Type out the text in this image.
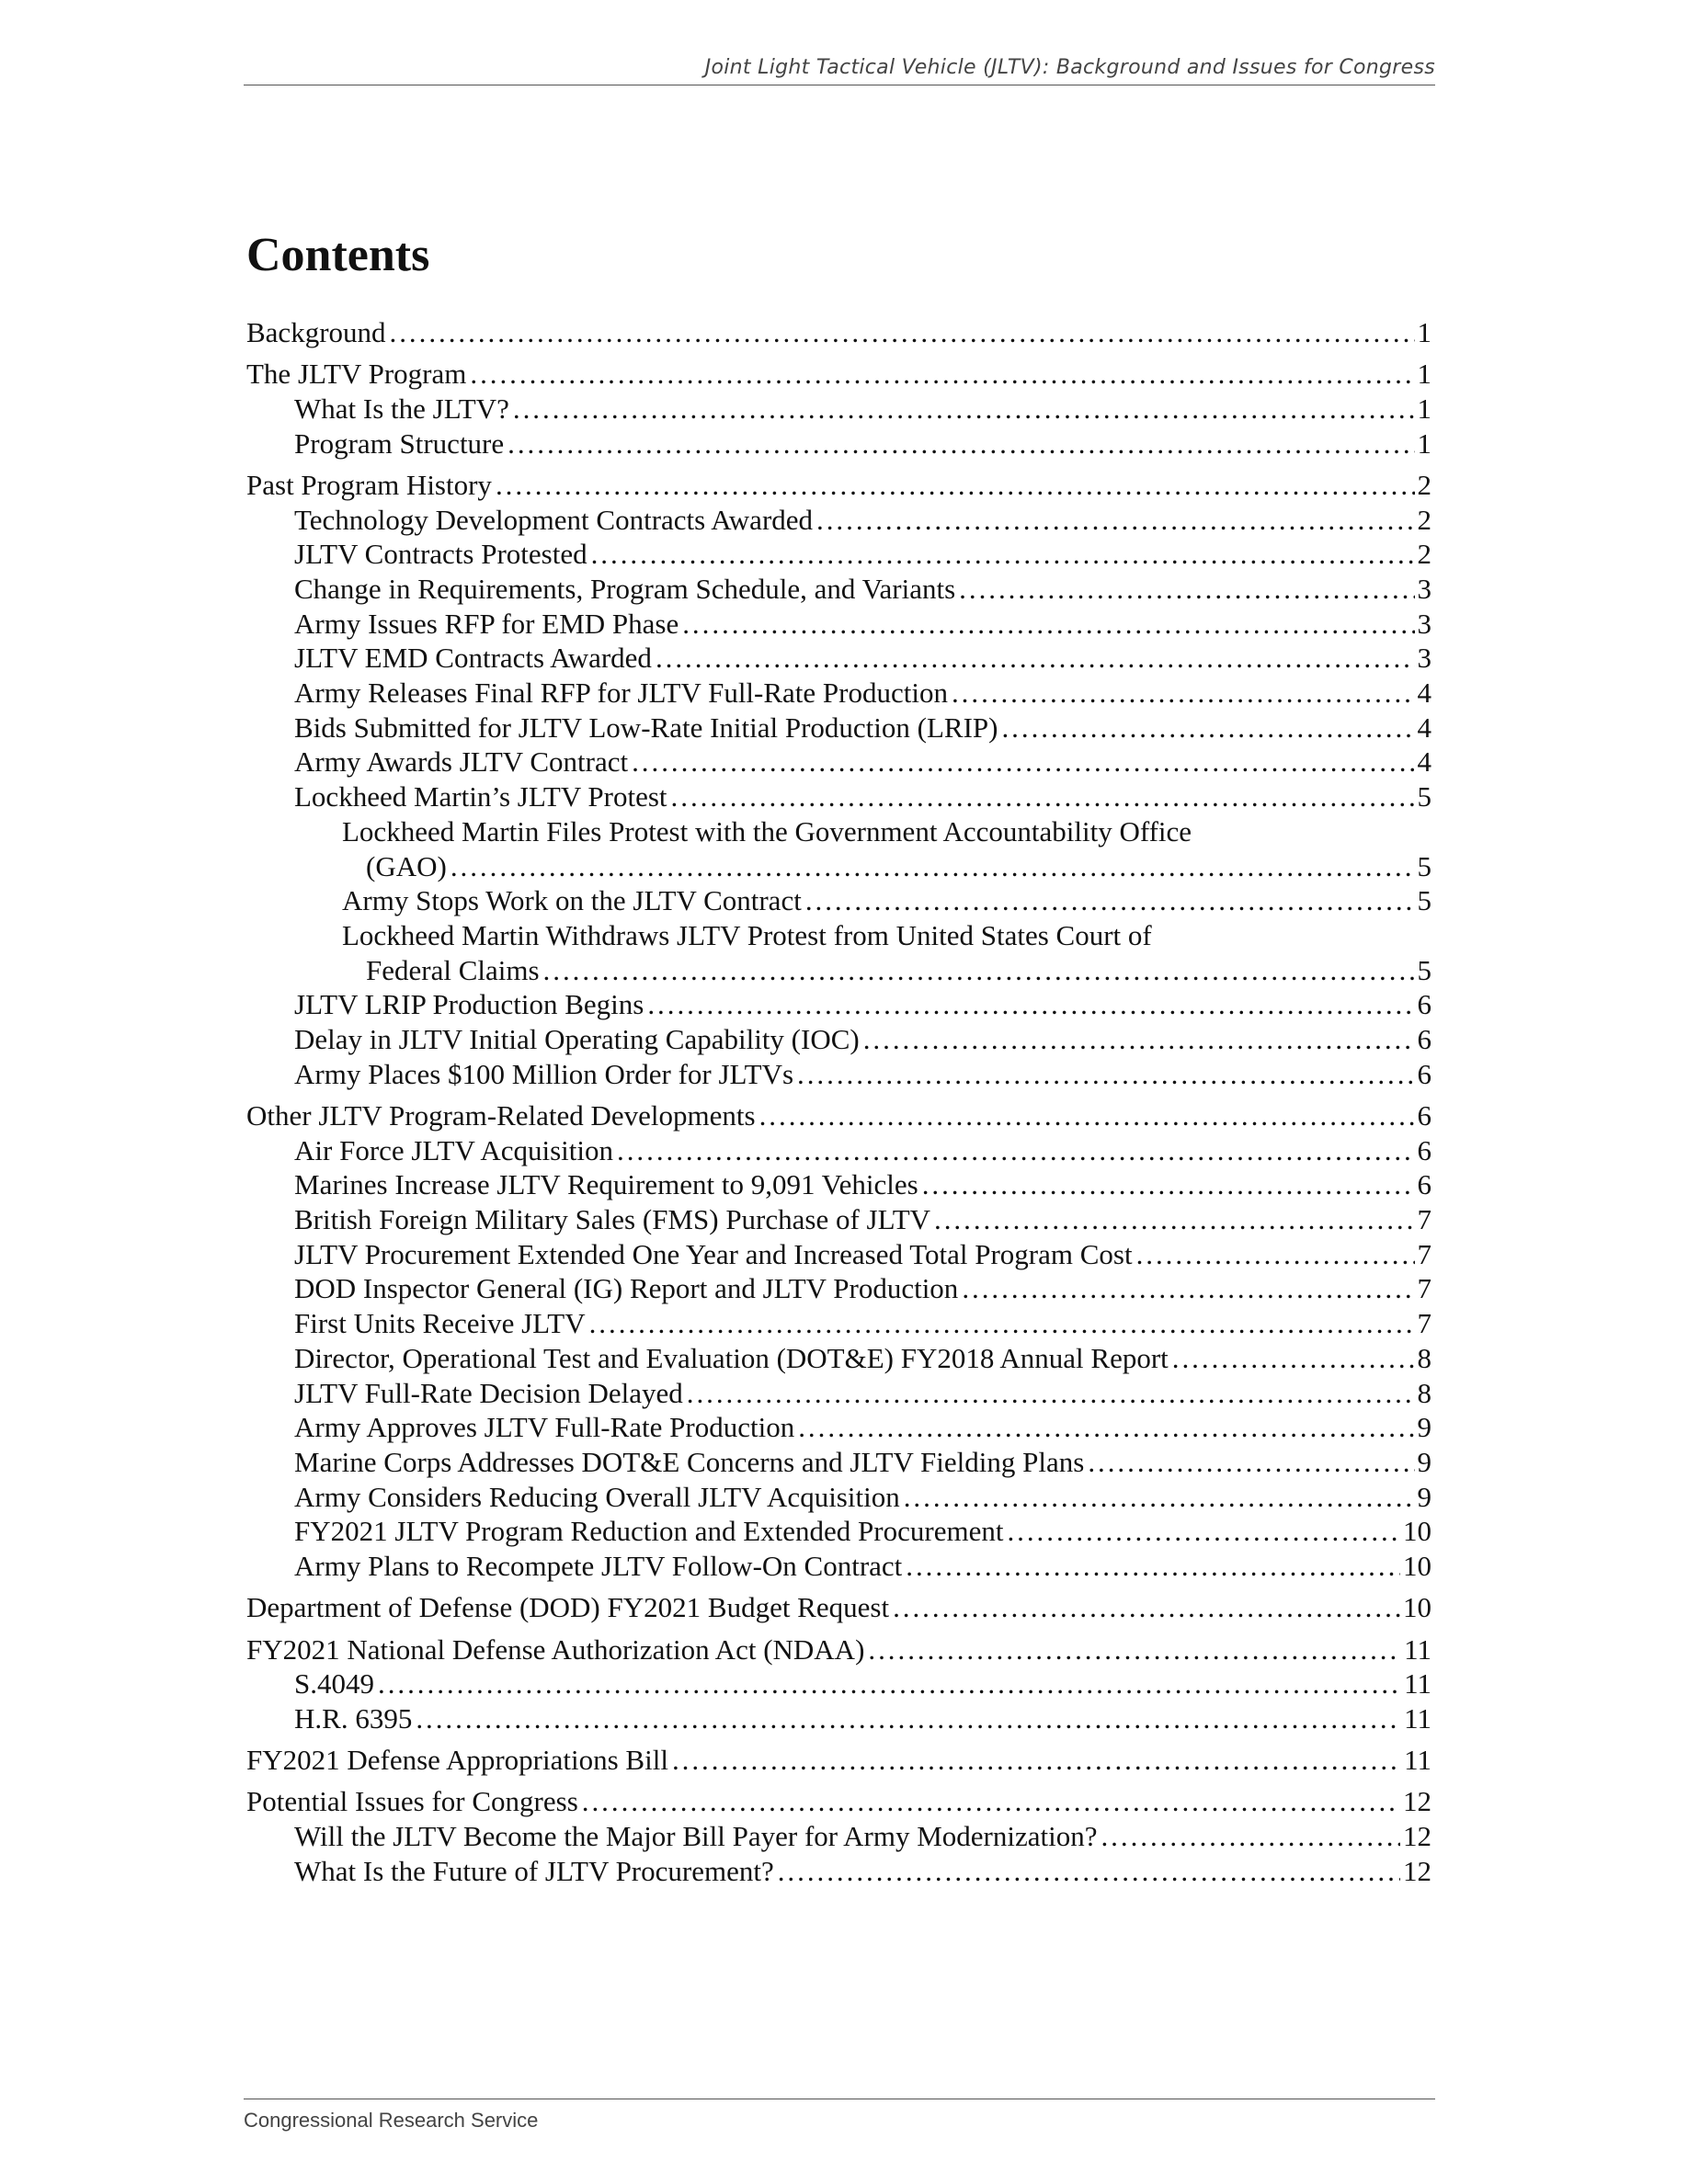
Joint Light Tactical Vehicle (JLTV): Background and Issues for Congress
Contents
Background . . .	1
The JLTV Program . . .	1
What Is the JLTV? . . .	1
Program Structure . . .	1
Past Program History . . .	2
Technology Development Contracts Awarded . . .	2
JLTV Contracts Protested . . .	2
Change in Requirements, Program Schedule, and Variants . . .	3
Army Issues RFP for EMD Phase . . .	3
JLTV EMD Contracts Awarded . . .	3
Army Releases Final RFP for JLTV Full-Rate Production . . .	4
Bids Submitted for JLTV Low-Rate Initial Production (LRIP) . . .	4
Army Awards JLTV Contract . . .	4
Lockheed Martin’s JLTV Protest . . .	5
Lockheed Martin Files Protest with the Government Accountability Office
(GAO) . . .	5
Army Stops Work on the JLTV Contract . . .	5
Lockheed Martin Withdraws JLTV Protest from United States Court of
Federal Claims . . .	5
JLTV LRIP Production Begins . . .	6
Delay in JLTV Initial Operating Capability (IOC) . . .	6
Army Places $100 Million Order for JLTVs . . .	6
Other JLTV Program-Related Developments . . .	6
Air Force JLTV Acquisition . . .	6
Marines Increase JLTV Requirement to 9,091 Vehicles . . .	6
British Foreign Military Sales (FMS) Purchase of JLTV . . .	7
JLTV Procurement Extended One Year and Increased Total Program Cost . . .	7
DOD Inspector General (IG) Report and JLTV Production . . .	7
First Units Receive JLTV . . .	7
Director, Operational Test and Evaluation (DOT&E) FY2018 Annual Report . . .	8
JLTV Full-Rate Decision Delayed . . .	8
Army Approves JLTV Full-Rate Production . . .	9
Marine Corps Addresses DOT&E Concerns and JLTV Fielding Plans . . .	9
Army Considers Reducing Overall JLTV Acquisition . . .	9
FY2021 JLTV Program Reduction and Extended Procurement . . .	10
Army Plans to Recompete JLTV Follow-On Contract . . .	10
Department of Defense (DOD) FY2021 Budget Request . . .	10
FY2021 National Defense Authorization Act (NDAA) . . .	11
S.4049 . . .	11
H.R. 6395 . . .	11
FY2021 Defense Appropriations Bill . . .	11
Potential Issues for Congress . . .	12
Will the JLTV Become the Major Bill Payer for Army Modernization? . . .	12
What Is the Future of JLTV Procurement? . . .	12
Congressional Research Service
